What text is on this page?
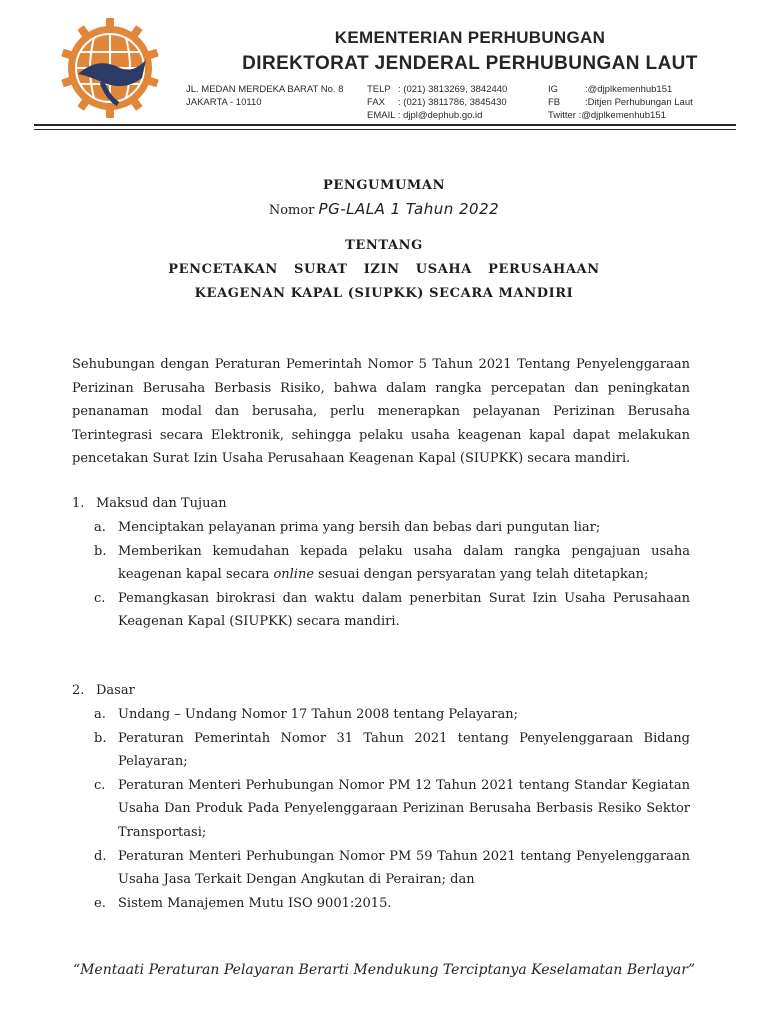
KEMENTERIAN PERHUBUNGAN
DIREKTORAT JENDERAL PERHUBUNGAN LAUT
JL. MEDAN MERDEKA BARAT No. 8
JAKARTA - 10110
TELP : (021) 3813269, 3842440
FAX : (021) 3811786, 3845430
EMAIL : djpl@dephub.go.id
IG	:@djplkemenhub151
FB	:Ditjen Perhubungan Laut
Twitter :@djplkemenhub151
PENGUMUMAN
Nomor PG-LALA 1 Tahun 2022
TENTANG
PENCETAKAN SURAT IZIN USAHA PERUSAHAAN
KEAGENAN KAPAL (SIUPKK) SECARA MANDIRI
Sehubungan dengan Peraturan Pemerintah Nomor 5 Tahun 2021 Tentang Penyelenggaraan Perizinan Berusaha Berbasis Risiko, bahwa dalam rangka percepatan dan peningkatan penanaman modal dan berusaha, perlu menerapkan pelayanan Perizinan Berusaha Terintegrasi secara Elektronik, sehingga pelaku usaha keagenan kapal dapat melakukan pencetakan Surat Izin Usaha Perusahaan Keagenan Kapal (SIUPKK) secara mandiri.
1. Maksud dan Tujuan
a. Menciptakan pelayanan prima yang bersih dan bebas dari pungutan liar;
b. Memberikan kemudahan kepada pelaku usaha dalam rangka pengajuan usaha keagenan kapal secara online sesuai dengan persyaratan yang telah ditetapkan;
c. Pemangkasan birokrasi dan waktu dalam penerbitan Surat Izin Usaha Perusahaan Keagenan Kapal (SIUPKK) secara mandiri.
2. Dasar
a. Undang – Undang Nomor 17 Tahun 2008 tentang Pelayaran;
b. Peraturan Pemerintah Nomor 31 Tahun 2021 tentang Penyelenggaraan Bidang Pelayaran;
c. Peraturan Menteri Perhubungan Nomor PM 12 Tahun 2021 tentang Standar Kegiatan Usaha Dan Produk Pada Penyelenggaraan Perizinan Berusaha Berbasis Resiko Sektor Transportasi;
d. Peraturan Menteri Perhubungan Nomor PM 59 Tahun 2021 tentang Penyelenggaraan Usaha Jasa Terkait Dengan Angkutan di Perairan; dan
e. Sistem Manajemen Mutu ISO 9001:2015.
“Mentaati Peraturan Pelayaran Berarti Mendukung Terciptanya Keselamatan Berlayar”
